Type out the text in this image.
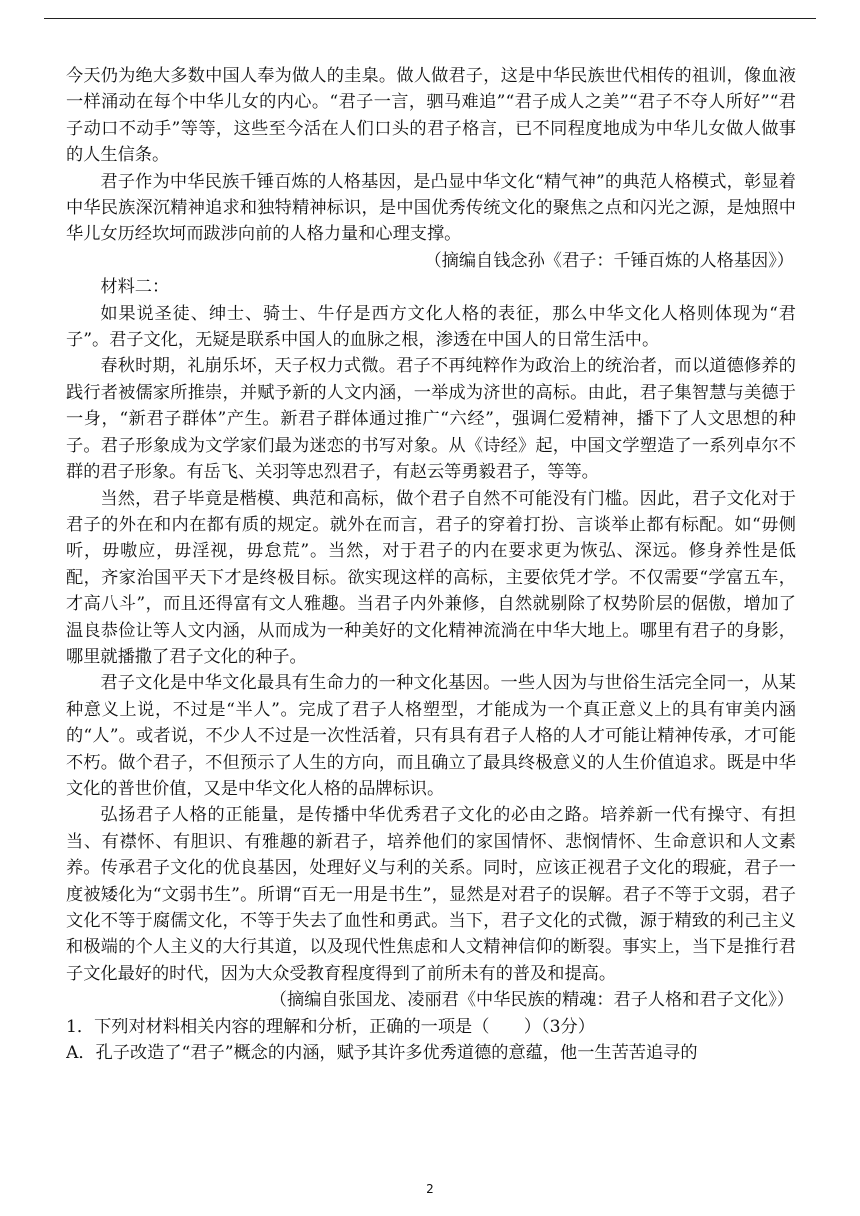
今天仍为绝大多数中国人奉为做人的圭臬。做人做君子，这是中华民族世代相传的祖训，像血液一样涌动在每个中华儿女的内心。“君子一言，驷马难追”“君子成人之美”“君子不夺人所好”“君子动口不动手”等等，这些至今活在人们口头的君子格言，已不同程度地成为中华儿女做人做事的人生信条。

君子作为中华民族千锤百炼的人格基因，是凸显中华文化“精气神”的典范人格模式，彰显着中华民族深沉精神追求和独特精神标识，是中国优秀传统文化的聚焦之点和闪光之源，是烛照中华儿女历经坎坷而跋涉向前的人格力量和心理支撑。

（摘编自钱念孙《君子：千锤百炼的人格基因》）

材料二：

如果说圣徒、绅士、骑士、牛仔是西方文化人格的表征，那么中华文化人格则体现为“君子”。君子文化，无疑是联系中国人的血脉之根，渗透在中国人的日常生活中。

春秋时期，礼崩乐坏，天子权力式微。君子不再纯粹作为政治上的统治者，而以道德修养的践行者被儒家所推崇，并赋予新的人文内涵，一举成为济世的高标。由此，君子集智慧与美德于一身，“新君子群体”产生。新君子群体通过推广“六经”，强调仁爱精神，播下了人文思想的种子。君子形象成为文学家们最为迷恋的书写对象。从《诗经》起，中国文学塑造了一系列卓尔不群的君子形象。有岳飞、关羽等忠烈君子，有赵云等勇毅君子，等等。

当然，君子毕竟是楷模、典范和高标，做个君子自然不可能没有门槛。因此，君子文化对于君子的外在和内在都有质的规定。就外在而言，君子的穿着打扮、言谈举止都有标配。如“毋侧听，毋嗷应，毋淫视，毋怠荒”。当然，对于君子的内在要求更为恢弘、深远。修身养性是低配，齐家治国平天下才是终极目标。欲实现这样的高标，主要依凭才学。不仅需要“学富五车，才高八斗”，而且还得富有文人雅趣。当君子内外兼修，自然就剔除了权势阶层的倨傲，增加了温良恭俭让等人文内涵，从而成为一种美好的文化精神流淌在中华大地上。哪里有君子的身影，哪里就播撒了君子文化的种子。

君子文化是中华文化最具有生命力的一种文化基因。一些人因为与世俗生活完全同一，从某种意义上说，不过是“半人”。完成了君子人格塑型，才能成为一个真正意义上的具有审美内涵的“人”。或者说，不少人不过是一次性活着，只有具有君子人格的人才可能让精神传承，才可能不朽。做个君子，不但预示了人生的方向，而且确立了最具终极意义的人生价值追求。既是中华文化的普世价值，又是中华文化人格的品牌标识。

弘扬君子人格的正能量，是传播中华优秀君子文化的必由之路。培养新一代有操守、有担当、有襟怀、有胆识、有雅趣的新君子，培养他们的家国情怀、悲悯情怀、生命意识和人文素养。传承君子文化的优良基因，处理好义与利的关系。同时，应该正视君子文化的瑕疵，君子一度被矮化为“文弱书生”。所谓“百无一用是书生”，显然是对君子的误解。君子不等于文弱，君子文化不等于腐儒文化，不等于失去了血性和勇武。当下，君子文化的式微，源于精致的利己主义和极端的个人主义的大行其道，以及现代性焦虑和人文精神信仰的断裂。事实上，当下是推行君子文化最好的时代，因为大众受教育程度得到了前所未有的普及和提高。

（摘编自张国龙、凌丽君《中华民族的精魂：君子人格和君子文化》）

1．下列对材料相关内容的理解和分析，正确的一项是（　　）（3分）

A．孔子改造了“君子”概念的内涵，赋予其许多优秀道德的意蕴，他一生苦苦追寻的

2
